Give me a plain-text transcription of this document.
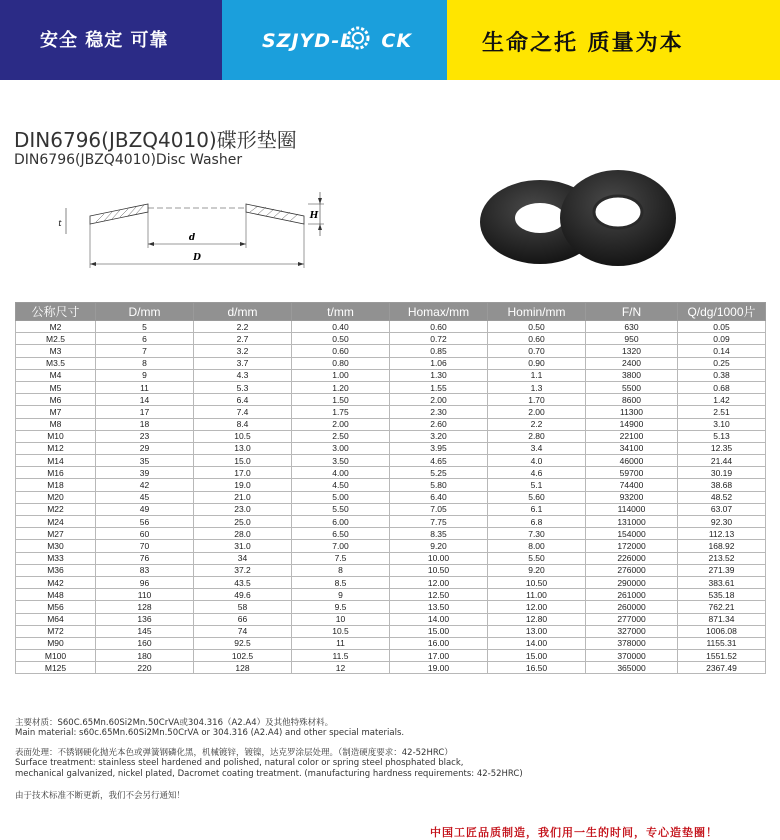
安全 稳定 可靠	SZJYD-L CK	生命之托 质量为本
DIN6796(JBZQ4010)碟形垫圈
DIN6796(JBZQ4010)Disc Washer
d
D
H
t
公称尺寸	D/mm	d/mm	t/mm	Homax/mm	Homin/mm	F/N	Q/dg/1000片
M2	5	2.2	0.40	0.60	0.50	630	0.05
M2.5	6	2.7	0.50	0.72	0.60	950	0.09
M3	7	3.2	0.60	0.85	0.70	1320	0.14
M3.5	8	3.7	0.80	1.06	0.90	2400	0.25
M4	9	4.3	1.00	1.30	1.1	3800	0.38
M5	11	5.3	1.20	1.55	1.3	5500	0.68
M6	14	6.4	1.50	2.00	1.70	8600	1.42
M7	17	7.4	1.75	2.30	2.00	11300	2.51
M8	18	8.4	2.00	2.60	2.2	14900	3.10
M10	23	10.5	2.50	3.20	2.80	22100	5.13
M12	29	13.0	3.00	3.95	3.4	34100	12.35
M14	35	15.0	3.50	4.65	4.0	46000	21.44
M16	39	17.0	4.00	5.25	4.6	59700	30.19
M18	42	19.0	4.50	5.80	5.1	74400	38.68
M20	45	21.0	5.00	6.40	5.60	93200	48.52
M22	49	23.0	5.50	7.05	6.1	114000	63.07
M24	56	25.0	6.00	7.75	6.8	131000	92.30
M27	60	28.0	6.50	8.35	7.30	154000	112.13
M30	70	31.0	7.00	9.20	8.00	172000	168.92
M33	76	34	7.5	10.00	5.50	226000	213.52
M36	83	37.2	8	10.50	9.20	276000	271.39
M42	96	43.5	8.5	12.00	10.50	290000	383.61
M48	110	49.6	9	12.50	11.00	261000	535.18
M56	128	58	9.5	13.50	12.00	260000	762.21
M64	136	66	10	14.00	12.80	277000	871.34
M72	145	74	10.5	15.00	13.00	327000	1006.08
M90	160	92.5	11	16.00	14.00	378000	1155.31
M100	180	102.5	11.5	17.00	15.00	370000	1551.52
M125	220	128	12	19.00	16.50	365000	2367.49
主要材质：S60C.65Mn.60Si2Mn.50CrVA或304.316（A2.A4）及其他特殊材料。
Main material: s60c.65Mn.60Si2Mn.50CrVA or 304.316 (A2.A4) and other special materials.
表面处理：不锈钢硬化抛光本色或弹簧钢磷化黑，机械镀锌，镀镍，达克罗涂层处理。（制造硬度要求：42-52HRC）
Surface treatment: stainless steel hardened and polished, natural color or spring steel phosphated black,
mechanical galvanized, nickel plated, Dacromet coating treatment. (manufacturing hardness requirements: 42-52HRC)
由于技术标准不断更新，我们不会另行通知！
中国工匠品质制造，我们用一生的时间，专心造垫圈！
